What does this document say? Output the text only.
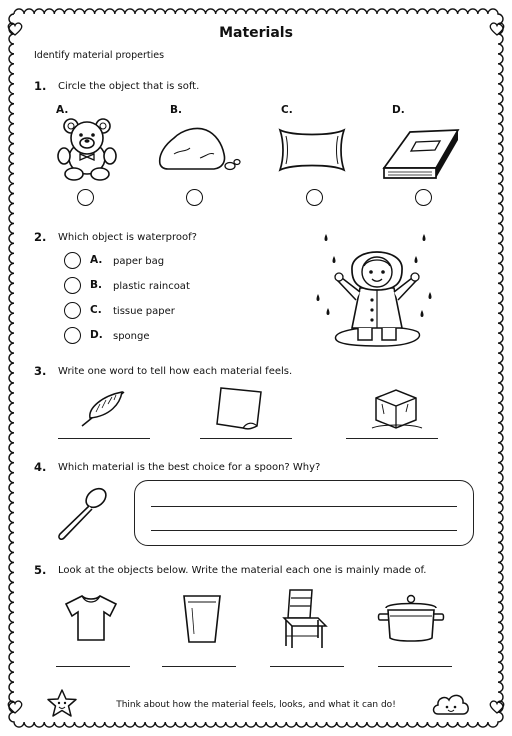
Materials
Identify material properties
1. Circle the object that is soft.
A.	B.	C.	D.
2. Which object is waterproof?
A. paper bag
B. plastic raincoat
C. tissue paper
D. sponge
3. Write one word to tell how each material feels.
4. Which material is the best choice for a spoon? Why?
5. Look at the objects below. Write the material each one is mainly made of.
Think about how the material feels, looks, and what it can do!
